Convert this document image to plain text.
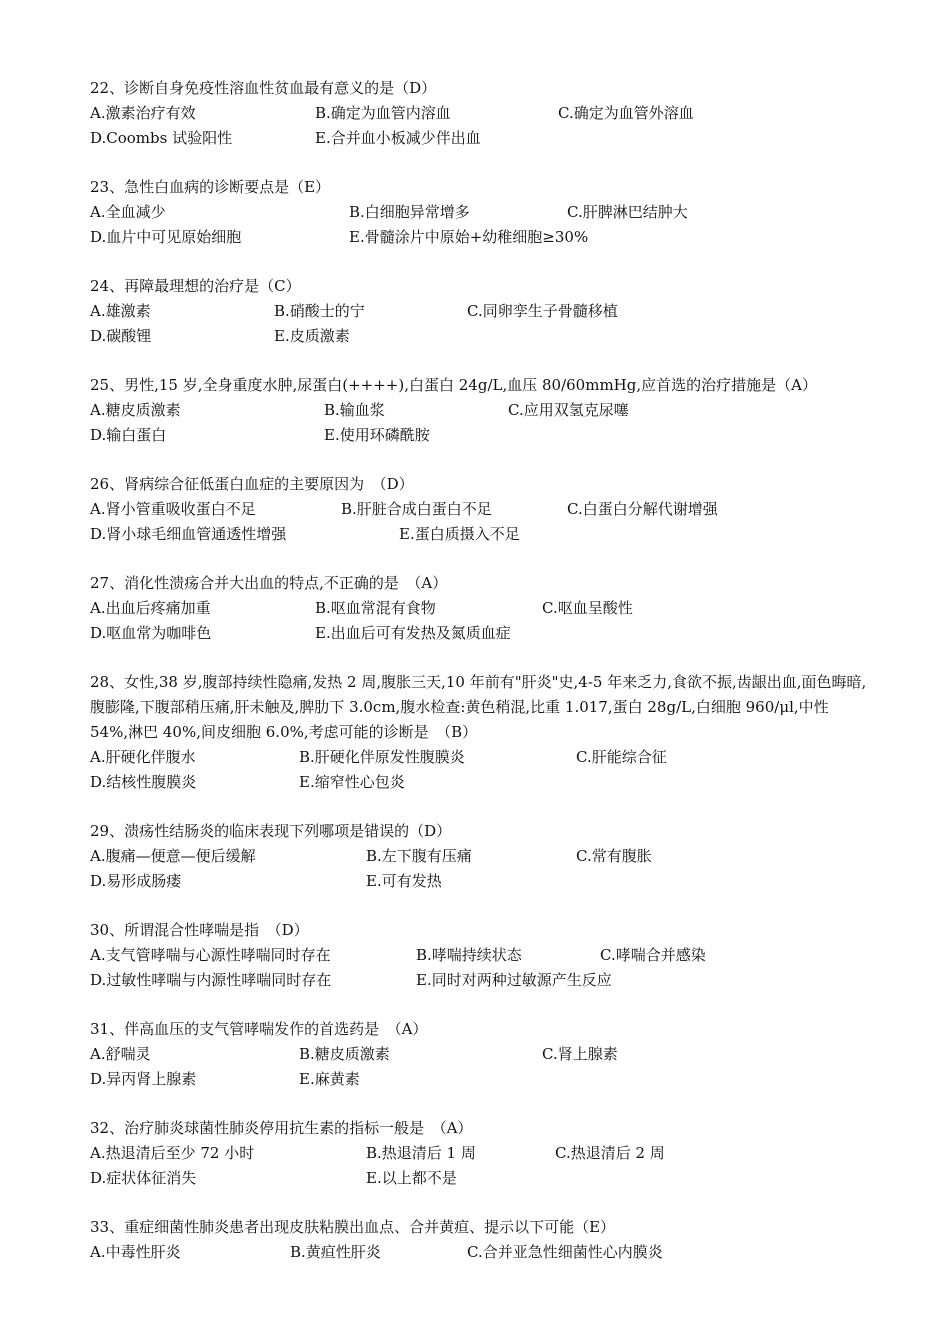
22、诊断自身免疫性溶血性贫血最有意义的是（D）

A.激素治疗有效	B.确定为血管内溶血	C.确定为血管外溶血
D.Coombs 试验阳性	E.合并血小板减少伴出血

23、急性白血病的诊断要点是（E）

A.全血减少	B.白细胞异常增多	C.肝脾淋巴结肿大
D.血片中可见原始细胞	E.骨髓涂片中原始+幼稚细胞≥30%

24、再障最理想的治疗是（C）

A.雄激素	B.硝酸士的宁	C.同卵孪生子骨髓移植
D.碳酸锂	E.皮质激素

25、男性,15 岁,全身重度水肿,尿蛋白(++++),白蛋白 24g/L,血压 80/60mmHg,应首选的治疗措施是（A）

A.糖皮质激素	B.输血浆	C.应用双氢克尿噻
D.输白蛋白	E.使用环磷酰胺

26、肾病综合征低蛋白血症的主要原因为　（D）

A.肾小管重吸收蛋白不足	B.肝脏合成白蛋白不足	C.白蛋白分解代谢增强
D.肾小球毛细血管通透性增强	E.蛋白质摄入不足

27、消化性溃疡合并大出血的特点,不正确的是　（A）

A.出血后疼痛加重	B.呕血常混有食物	C.呕血呈酸性
D.呕血常为咖啡色	E.出血后可有发热及氮质血症

28、女性,38 岁,腹部持续性隐痛,发热 2 周,腹胀三天,10 年前有"肝炎"史,4-5 年来乏力,食欲不振,齿龈出血,面色晦暗,腹膨隆,下腹部稍压痛,肝未触及,脾肋下 3.0cm,腹水检查:黄色稍混,比重 1.017,蛋白 28g/L,白细胞 960/μl,中性 54%,淋巴 40%,间皮细胞 6.0%,考虑可能的诊断是　（B）

A.肝硬化伴腹水	B.肝硬化伴原发性腹膜炎	C.肝能综合征
D.结核性腹膜炎	E.缩窄性心包炎

29、溃疡性结肠炎的临床表现下列哪项是错误的（D）

A.腹痛—便意—便后缓解	B.左下腹有压痛	C.常有腹胀
D.易形成肠瘘	E.可有发热

30、所谓混合性哮喘是指　（D）

A.支气管哮喘与心源性哮喘同时存在	B.哮喘持续状态	C.哮喘合并感染
D.过敏性哮喘与内源性哮喘同时存在	E.同时对两种过敏源产生反应

31、伴高血压的支气管哮喘发作的首选药是　（A）

A.舒喘灵	B.糖皮质激素	C.肾上腺素
D.异丙肾上腺素	E.麻黄素

32、治疗肺炎球菌性肺炎停用抗生素的指标一般是　（A）

A.热退清后至少 72 小时	B.热退清后 1 周	C.热退清后 2 周
D.症状体征消失	E.以上都不是

33、重症细菌性肺炎患者出现皮肤粘膜出血点、合并黄疸、提示以下可能（E）

A.中毒性肝炎	B.黄疸性肝炎	C.合并亚急性细菌性心内膜炎
